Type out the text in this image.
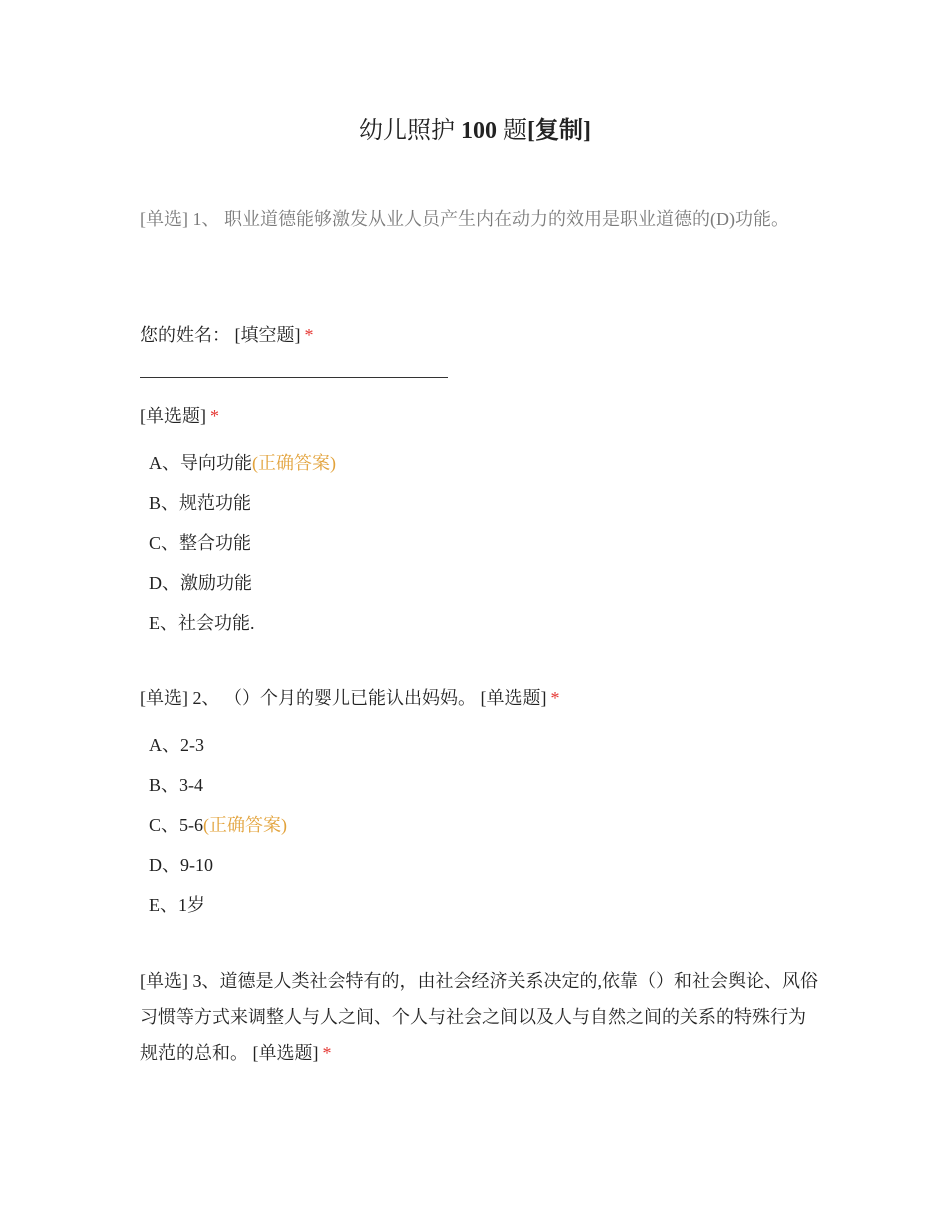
幼儿照护 100 题[复制]
[单选] 1、 职业道德能够激发从业人员产生内在动力的效用是职业道德的(D)功能。
您的姓名： [填空题] *
[单选题] *
A、导向功能(正确答案)
B、规范功能
C、整合功能
D、激励功能
E、社会功能.
[单选] 2、 （）个月的婴儿已能认出妈妈。 [单选题] *
A、2-3
B、3-4
C、5-6(正确答案)
D、9-10
E、1岁
[单选] 3、道德是人类社会特有的，由社会经济关系决定的,依靠（）和社会舆论、风俗习惯等方式来调整人与人之间、个人与社会之间以及人与自然之间的关系的特殊行为规范的总和。 [单选题] *
